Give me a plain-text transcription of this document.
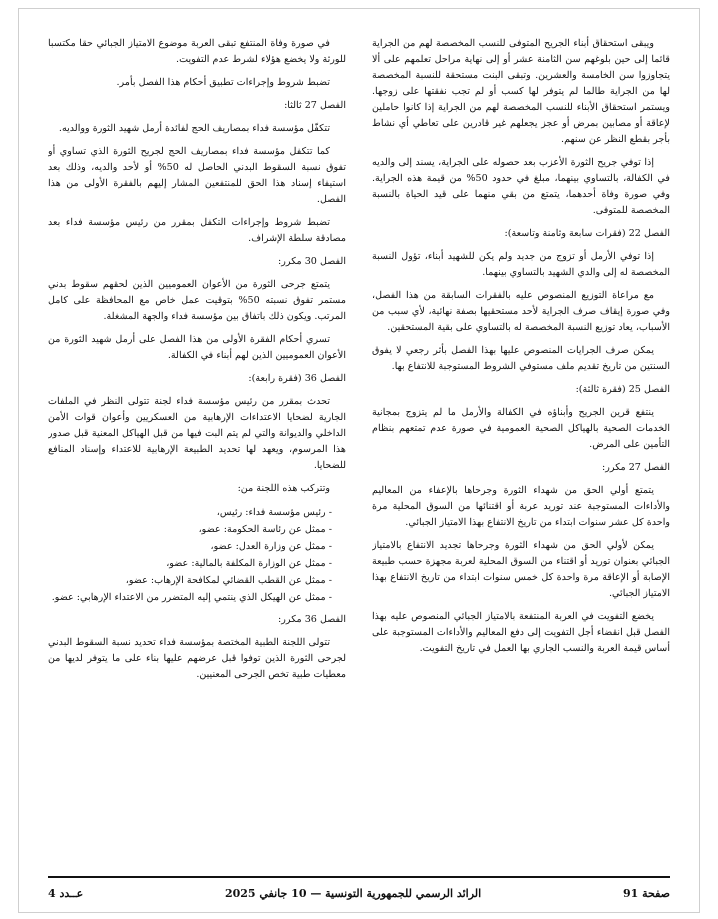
ويبقى استحقاق أبناء الجريح المتوفى للنسب المخصصة لهم من الجراية قائما إلى حين بلوغهم سن الثامنة عشر أو إلى نهاية مراحل تعلمهم على ألا يتجاوزوا سن الخامسة والعشرين. وتبقى البنت مستحقة للنسبة المخصصة لها من الجراية طالما لم يتوفر لها كسب أو لم تجب نفقتها على زوجها. ويستمر استحقاق الأبناء للنسب المخصصة لهم من الجراية إذا كانوا حاملين لإعاقة أو مصابين بمرض أو عجز يجعلهم غير قادرين على تعاطي أي نشاط بأجر بقطع النظر عن سنهم.

إذا توفي جريح الثورة الأعزب بعد حصوله على الجراية، يسند إلى والديه في الكفالة، بالتساوي بينهما، مبلغ في حدود 50% من قيمة هذه الجراية. وفي صورة وفاة أحدهما، يتمتع من بقي منهما على قيد الحياة بالنسبة المخصصة للمتوفى.

الفصل 22 (فقرات سابعة وثامنة وتاسعة):

إذا توفي الأرمل أو تزوج من جديد ولم يكن للشهيد أبناء، تؤول النسبة المخصصة له إلى والدي الشهيد بالتساوي بينهما.

مع مراعاة التوزيع المنصوص عليه بالفقرات السابقة من هذا الفصل، وفي صورة إيقاف صرف الجراية لأحد مستحقيها بصفة نهائية، لأي سبب من الأسباب، يعاد توزيع النسبة المخصصة له بالتساوي على بقية المستحقين.

يمكن صرف الجرايات المنصوص عليها بهذا الفصل بأثر رجعي لا يفوق السنتين من تاريخ تقديم ملف مستوفي الشروط المستوجبة للانتفاع بها.

الفصل 25 (فقرة ثالثة):

ينتفع قرين الجريح وأبناؤه في الكفالة والأرمل ما لم يتزوج بمجانية الخدمات الصحية بالهياكل الصحية العمومية في صورة عدم تمتعهم بنظام التأمين على المرض.

الفصل 27 مكرر:

يتمتع أولي الحق من شهداء الثورة وجرحاها بالإعفاء من المعاليم والأداءات المستوجبة عند توريد عربة أو اقتنائها من السوق المحلية مرة واحدة كل عشر سنوات ابتداء من تاريخ الانتفاع بهذا الامتياز الجبائي.

يمكن لأولي الحق من شهداء الثورة وجرحاها تجديد الانتفاع بالامتياز الجبائي بعنوان توريد أو اقتناء من السوق المحلية لعربة مجهزة حسب طبيعة الإصابة أو الإعاقة مرة واحدة كل خمس سنوات ابتداء من تاريخ الانتفاع بهذا الامتياز الجبائي.

يخضع التفويت في العربة المنتفعة بالامتياز الجبائي المنصوص عليه بهذا الفصل قبل انقضاء أجل التفويت إلى دفع المعاليم والأداءات المستوجبة على أساس قيمة العربة والنسب الجاري بها العمل في تاريخ التفويت.

في صورة وفاة المنتفع تبقى العربة موضوع الامتياز الجبائي حقا مكتسبا للورثة ولا يخضع هؤلاء لشرط عدم التفويت.

تضبط شروط وإجراءات تطبيق أحكام هذا الفصل بأمر.

الفصل 27 ثالثا:

تتكفّل مؤسسة فداء بمصاريف الحج لفائدة أرمل شهيد الثورة ووالديه.

كما تتكفل مؤسسة فداء بمصاريف الحج لجريح الثورة الذي تساوي أو تفوق نسبة السقوط البدني الحاصل له 50% أو لأحد والديه، وذلك بعد استيفاء إسناد هذا الحق للمنتفعين المشار إليهم بالفقرة الأولى من هذا الفصل.

تضبط شروط وإجراءات التكفل بمقرر من رئيس مؤسسة فداء بعد مصادقة سلطة الإشراف.

الفصل 30 مكرر:

يتمتع جرحى الثورة من الأعوان العموميين الذين لحقهم سقوط بدني مستمر تفوق نسبته 50% بتوقيت عمل خاص مع المحافظة على كامل المرتب. ويكون ذلك باتفاق بين مؤسسة فداء والجهة المشغلة.

تسري أحكام الفقرة الأولى من هذا الفصل على أرمل شهيد الثورة من الأعوان العموميين الذين لهم أبناء في الكفالة.

الفصل 36 (فقرة رابعة):

تحدث بمقرر من رئيس مؤسسة فداء لجنة تتولى النظر في الملفات الجارية لضحايا الاعتداءات الإرهابية من العسكريين وأعوان قوات الأمن الداخلي والديوانة والتي لم يتم البت فيها من قبل الهياكل المعنية قبل صدور هذا المرسوم، ويعهد لها تحديد الطبيعة الإرهابية للاعتداء وإسناد المنافع للضحايا.

وتتركب هذه اللجنة من:

- رئيس مؤسسة فداء: رئيس،
- ممثل عن رئاسة الحكومة: عضو،
- ممثل عن وزارة العدل: عضو،
- ممثل عن الوزارة المكلفة بالمالية: عضو،
- ممثل عن القطب القضائي لمكافحة الإرهاب: عضو،
- ممثل عن الهيكل الذي ينتمي إليه المتضرر من الاعتداء الإرهابي: عضو.

الفصل 36 مكرر:

تتولى اللجنة الطبية المختصة بمؤسسة فداء تحديد نسبة السقوط البدني لجرحى الثورة الذين توفوا قبل عرضهم عليها بناء على ما يتوفر لديها من معطيات طبية تخص الجرحى المعنيين.

عــدد 4	الرائد الرسمي للجمهورية التونسية — 10 جانفي 2025	صفحة 91
